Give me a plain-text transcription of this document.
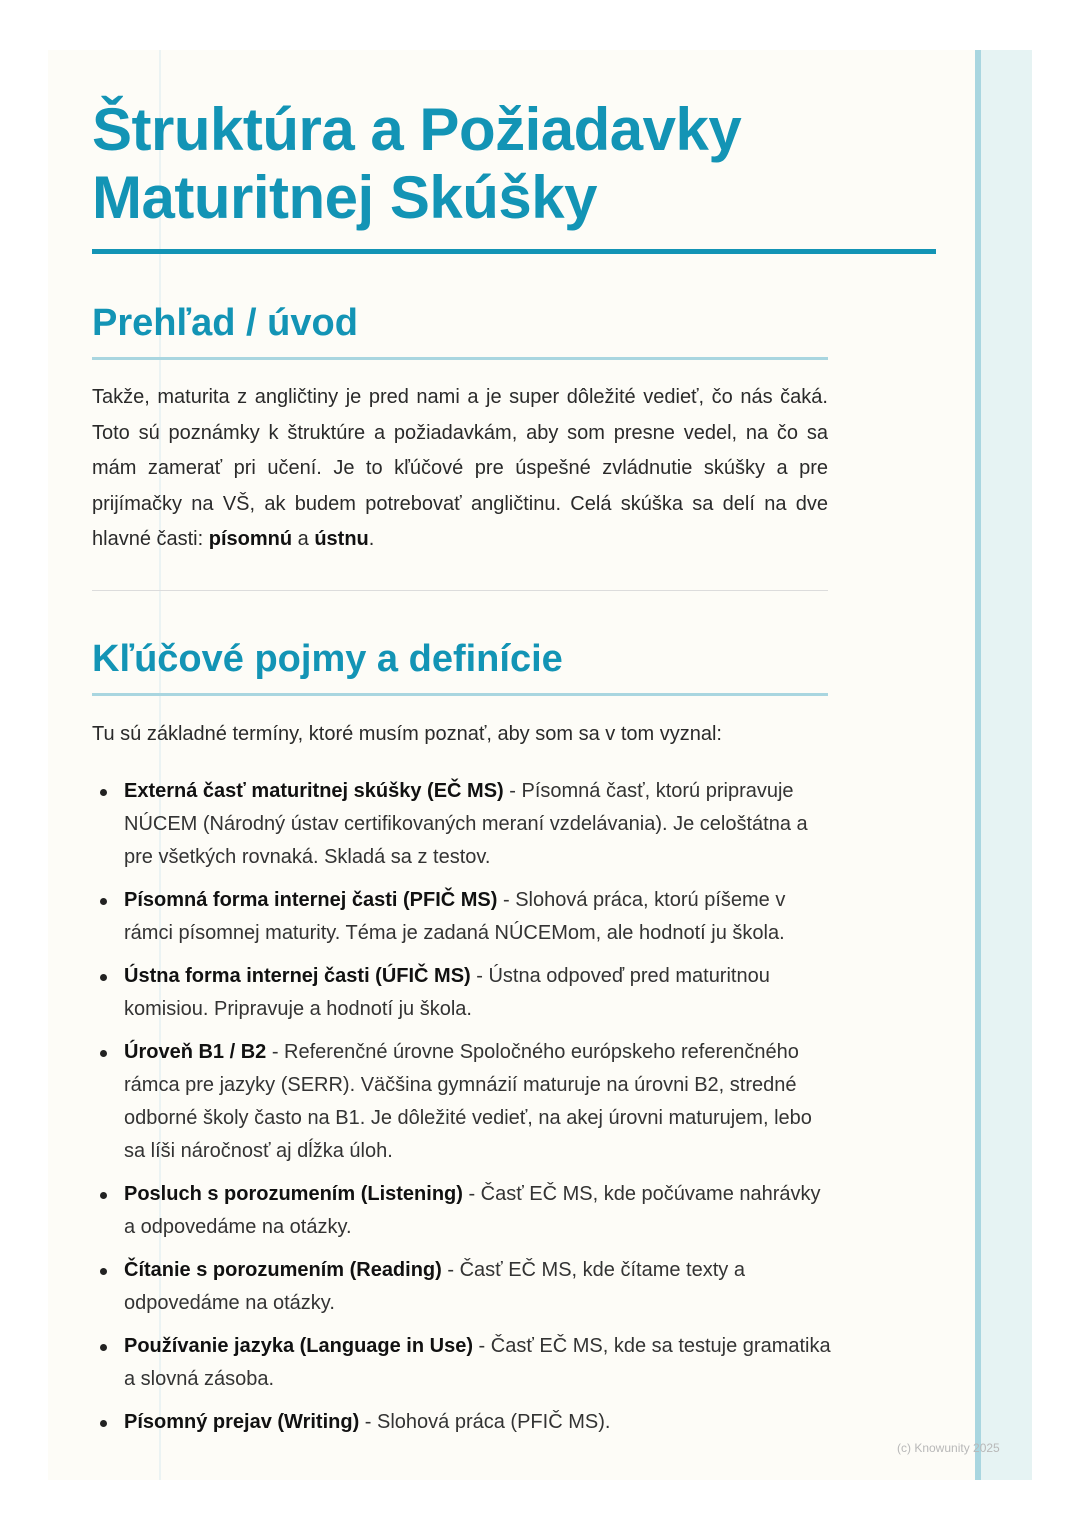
Štruktúra a Požiadavky
Maturitnej Skúšky
Prehľad / úvod

Takže, maturita z angličtiny je pred nami a je super dôležité vedieť, čo nás čaká. Toto sú poznámky k štruktúre a požiadavkám, aby som presne vedel, na čo sa mám zamerať pri učení. Je to kľúčové pre úspešné zvládnutie skúšky a pre prijímačky na VŠ, ak budem potrebovať angličtinu. Celá skúška sa delí na dve hlavné časti: písomnú a ústnu.

Kľúčové pojmy a definície
Tu sú základné termíny, ktoré musím poznať, aby som sa v tom vyznal:
Externá časť maturitnej skúšky (EČ MS) - Písomná časť, ktorú pripravuje NÚCEM (Národný ústav certifikovaných meraní vzdelávania). Je celoštátna a pre všetkých rovnaká. Skladá sa z testov.
Písomná forma internej časti (PFIČ MS) - Slohová práca, ktorú píšeme v rámci písomnej maturity. Téma je zadaná NÚCEMom, ale hodnotí ju škola.
Ústna forma internej časti (ÚFIČ MS) - Ústna odpoveď pred maturitnou komisiou. Pripravuje a hodnotí ju škola.
Úroveň B1 / B2 - Referenčné úrovne Spoločného európskeho referenčného rámca pre jazyky (SERR). Väčšina gymnázií maturuje na úrovni B2, stredné odborné školy často na B1. Je dôležité vedieť, na akej úrovni maturujem, lebo sa líši náročnosť aj dĺžka úloh.
Posluch s porozumením (Listening) - Časť EČ MS, kde počúvame nahrávky a odpovedáme na otázky.
Čítanie s porozumením (Reading) - Časť EČ MS, kde čítame texty a odpovedáme na otázky.
Používanie jazyka (Language in Use) - Časť EČ MS, kde sa testuje gramatika a slovná zásoba.
Písomný prejav (Writing) - Slohová práca (PFIČ MS).
(c) Knowunity 2025
